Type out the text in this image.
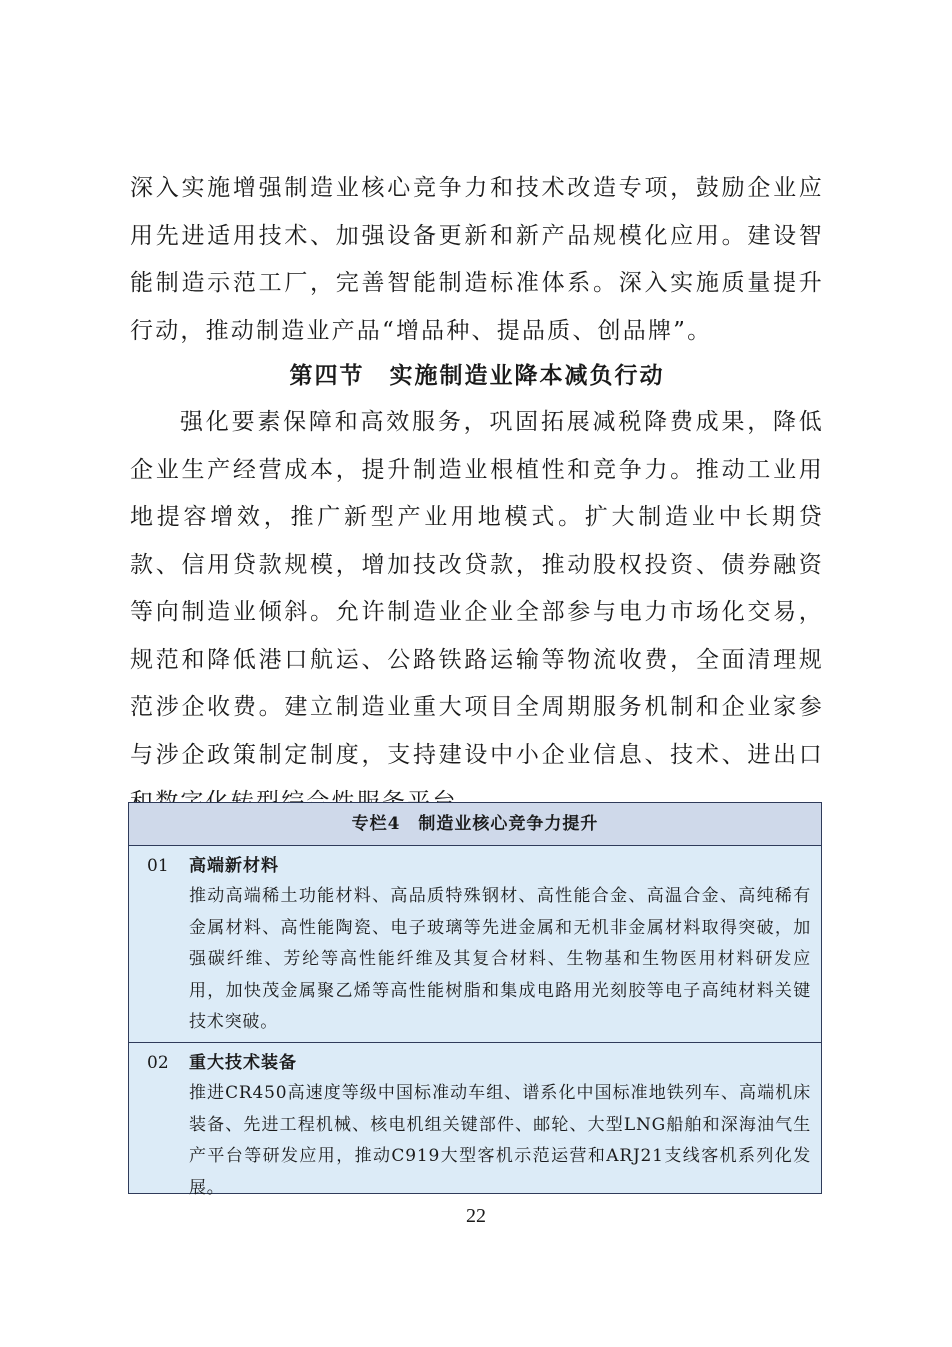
深入实施增强制造业核心竞争力和技术改造专项，鼓励企业应用先进适用技术、加强设备更新和新产品规模化应用。建设智能制造示范工厂，完善智能制造标准体系。深入实施质量提升行动，推动制造业产品“增品种、提品质、创品牌”。

第四节　实施制造业降本减负行动

强化要素保障和高效服务，巩固拓展减税降费成果，降低企业生产经营成本，提升制造业根植性和竞争力。推动工业用地提容增效，推广新型产业用地模式。扩大制造业中长期贷款、信用贷款规模，增加技改贷款，推动股权投资、债券融资等向制造业倾斜。允许制造业企业全部参与电力市场化交易，规范和降低港口航运、公路铁路运输等物流收费，全面清理规范涉企收费。建立制造业重大项目全周期服务机制和企业家参与涉企政策制定制度，支持建设中小企业信息、技术、进出口

专栏4　制造业核心竞争力提升
01 高端新材料
推动高端稀土功能材料、高品质特殊钢材、高性能合金、高温合金、高纯稀有金属材料、高性能陶瓷、电子玻璃等先进金属和无机非金属材料取得突破，加强碳纤维、芳纶等高性能纤维及其复合材料、生物基和生物医用材料研发应用，加快茂金属聚乙烯等高性能树脂和集成电路用光刻胶等电子高纯材料关键技术突破。
02 重大技术装备
推进CR450高速度等级中国标准动车组、谱系化中国标准地铁列车、高端机床装备、先进工程机械、核电机组关键部件、邮轮、大型LNG船舶和深海油气生产平台等研发应用，推动C919大型客机示范运营和ARJ21支线客机系列化发展。
22
